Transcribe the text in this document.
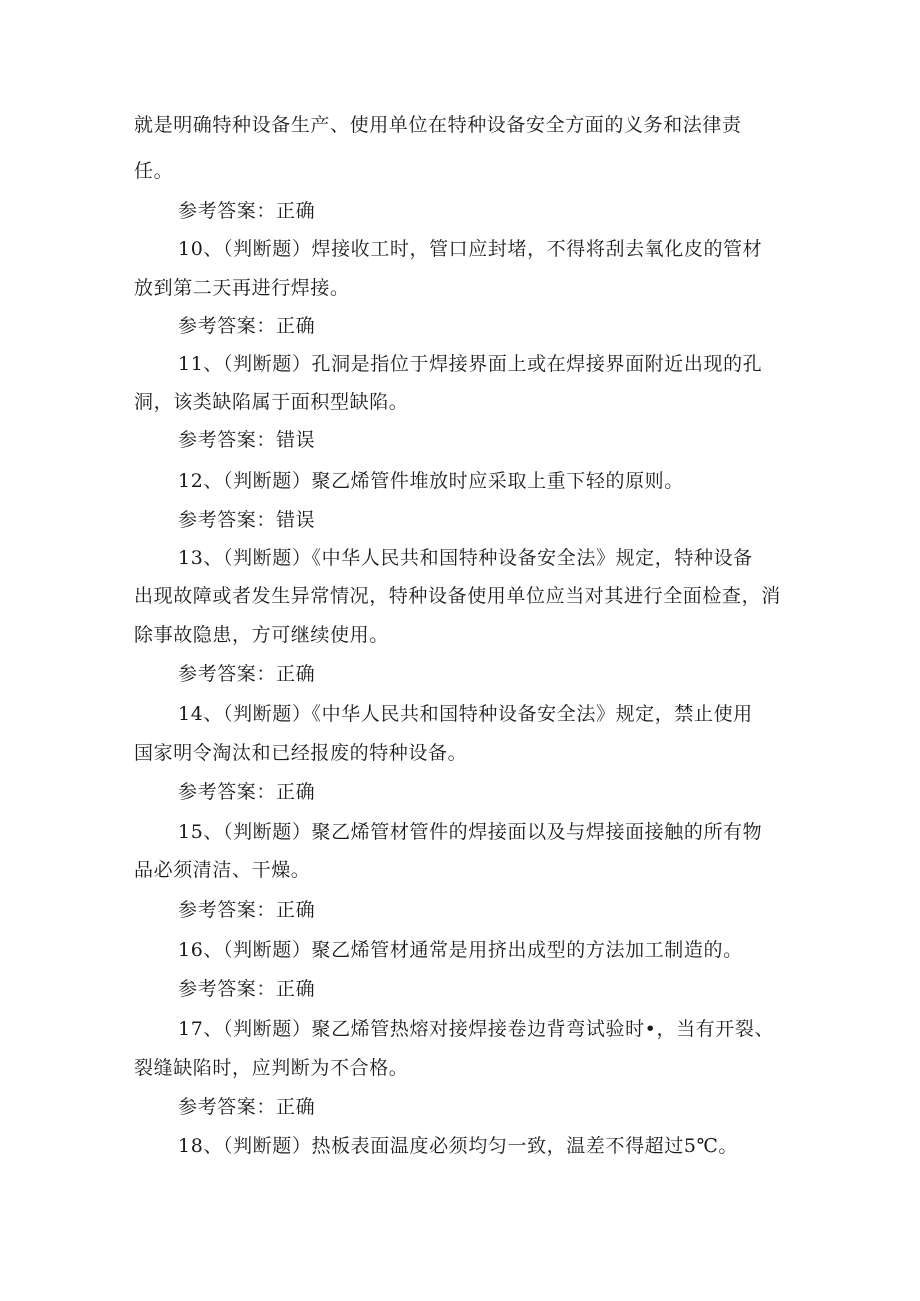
就是明确特种设备生产、使用单位在特种设备安全方面的义务和法律责
任。
参考答案：正确
10、（判断题）焊接收工时，管口应封堵，不得将刮去氧化皮的管材
放到第二天再进行焊接。
参考答案：正确
11、（判断题）孔洞是指位于焊接界面上或在焊接界面附近出现的孔
洞，该类缺陷属于面积型缺陷。
参考答案：错误
12、（判断题）聚乙烯管件堆放时应采取上重下轻的原则。
参考答案：错误
13、（判断题）《中华人民共和国特种设备安全法》规定，特种设备
出现故障或者发生异常情况，特种设备使用单位应当对其进行全面检查，消
除事故隐患，方可继续使用。
参考答案：正确
14、（判断题）《中华人民共和国特种设备安全法》规定，禁止使用
国家明令淘汰和已经报废的特种设备。
参考答案：正确
15、（判断题）聚乙烯管材管件的焊接面以及与焊接面接触的所有物
品必须清洁、干燥。
参考答案：正确
16、（判断题）聚乙烯管材通常是用挤出成型的方法加工制造的。
参考答案：正确
17、（判断题）聚乙烯管热熔对接焊接卷边背弯试验时•，当有开裂、
裂缝缺陷时，应判断为不合格。
参考答案：正确
18、（判断题）热板表面温度必须均匀一致，温差不得超过5℃。
